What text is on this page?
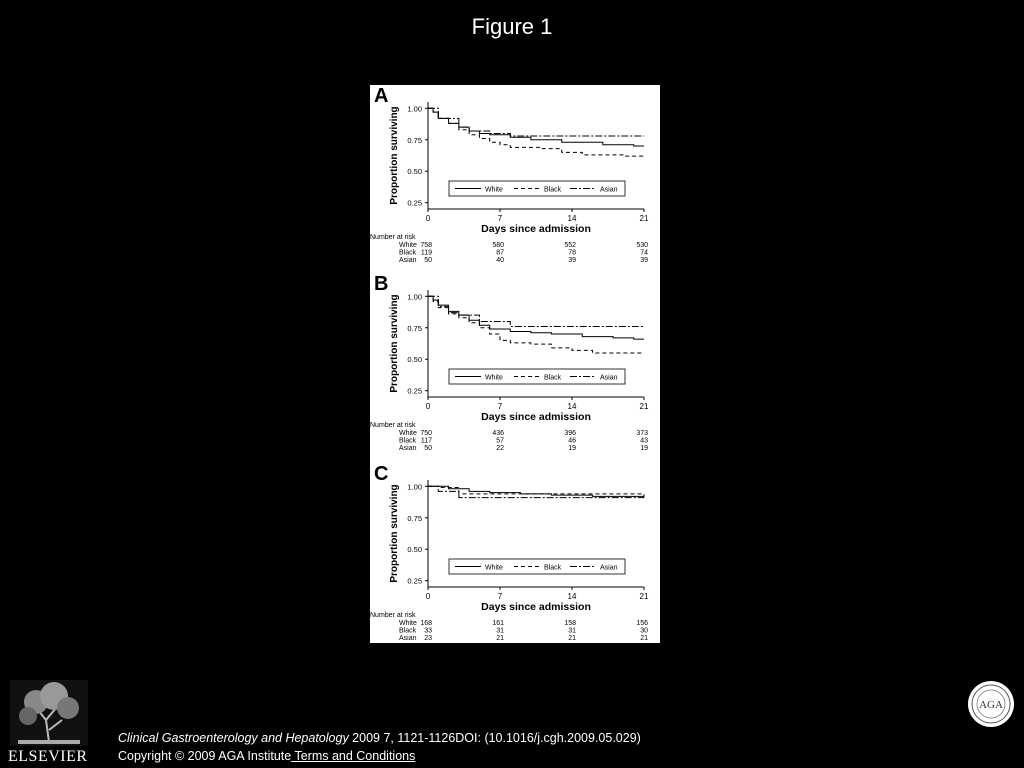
Figure 1
A
0.25
0.50
0.75
1.00
0	7	14	21
Proportion surviving
Days since admission
White	Black	Asian
Number at risk
White 758	580	552	530
Black 119	87	78	74
Asian 50	40	39	39
B
0.25
0.50
0.75
1.00
0	7	14	21
Proportion surviving
Days since admission
White	Black	Asian
Number at risk
White 750	436	396	373
Black 117	57	46	43
Asian 50	22	19	19
C
0.25
0.50
0.75
1.00
0	7	14	21
Proportion surviving
Days since admission
White	Black	Asian
Number at risk
White 168	161	158	156
Black 33	31	31	30
Asian 23	21	21	21
ELSEVIER
Clinical Gastroenterology and Hepatology 2009 7, 1121-1126DOI: (10.1016/j.cgh.2009.05.029)
Copyright © 2009 AGA Institute Terms and Conditions
AGA
